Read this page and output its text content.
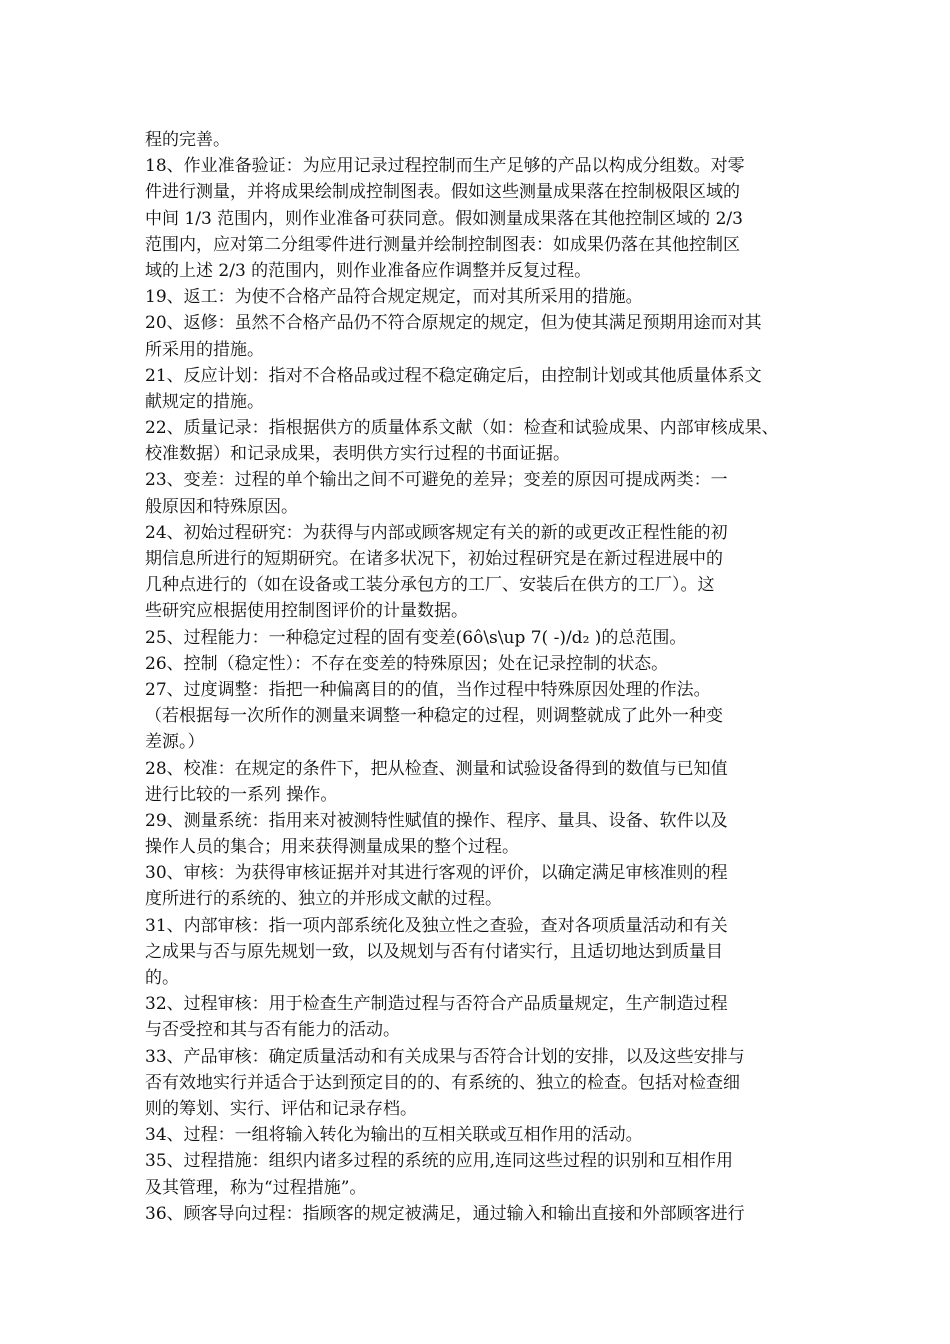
程的完善。
18、作业准备验证：为应用记录过程控制而生产足够的产品以构成分组数。对零
件进行测量，并将成果绘制成控制图表。假如这些测量成果落在控制极限区域的
中间 1/3 范围内，则作业准备可获同意。假如测量成果落在其他控制区域的 2/3
范围内，应对第二分组零件进行测量并绘制控制图表：如成果仍落在其他控制区
域的上述 2/3 的范围内，则作业准备应作调整并反复过程。
19、返工：为使不合格产品符合规定规定，而对其所采用的措施。
20、返修：虽然不合格产品仍不符合原规定的规定，但为使其满足预期用途而对其
所采用的措施。
21、反应计划：指对不合格品或过程不稳定确定后，由控制计划或其他质量体系文
献规定的措施。
22、质量记录：指根据供方的质量体系文献（如：检查和试验成果、内部审核成果、
校准数据）和记录成果，表明供方实行过程的书面证据。
23、变差：过程的单个输出之间不可避免的差异；变差的原因可提成两类：一
般原因和特殊原因。
24、初始过程研究：为获得与内部或顾客规定有关的新的或更改正程性能的初
期信息所进行的短期研究。在诸多状况下，初始过程研究是在新过程进展中的
几种点进行的（如在设备或工装分承包方的工厂、安装后在供方的工厂）。这
些研究应根据使用控制图评价的计量数据。
25、过程能力：一种稳定过程的固有变差(6ô\s\up 7( -)/d₂ )的总范围。
26、控制（稳定性）：不存在变差的特殊原因；处在记录控制的状态。
27、过度调整：指把一种偏离目的的值，当作过程中特殊原因处理的作法。
（若根据每一次所作的测量来调整一种稳定的过程，则调整就成了此外一种变
差源。）
28、校准：在规定的条件下，把从检查、测量和试验设备得到的数值与已知值
进行比较的一系列 操作。
29、测量系统：指用来对被测特性赋值的操作、程序、量具、设备、软件以及
操作人员的集合；用来获得测量成果的整个过程。
30、审核：为获得审核证据并对其进行客观的评价，以确定满足审核准则的程
度所进行的系统的、独立的并形成文献的过程。
31、内部审核：指一项内部系统化及独立性之查验，查对各项质量活动和有关
之成果与否与原先规划一致，以及规划与否有付诸实行，且适切地达到质量目
的。
32、过程审核：用于检查生产制造过程与否符合产品质量规定，生产制造过程
与否受控和其与否有能力的活动。
33、产品审核：确定质量活动和有关成果与否符合计划的安排，以及这些安排与
否有效地实行并适合于达到预定目的的、有系统的、独立的检查。包括对检查细
则的筹划、实行、评估和记录存档。
34、过程：一组将输入转化为输出的互相关联或互相作用的活动。
35、过程措施：组织内诸多过程的系统的应用,连同这些过程的识别和互相作用
及其管理，称为“过程措施”。
36、顾客导向过程：指顾客的规定被满足，通过输入和输出直接和外部顾客进行
